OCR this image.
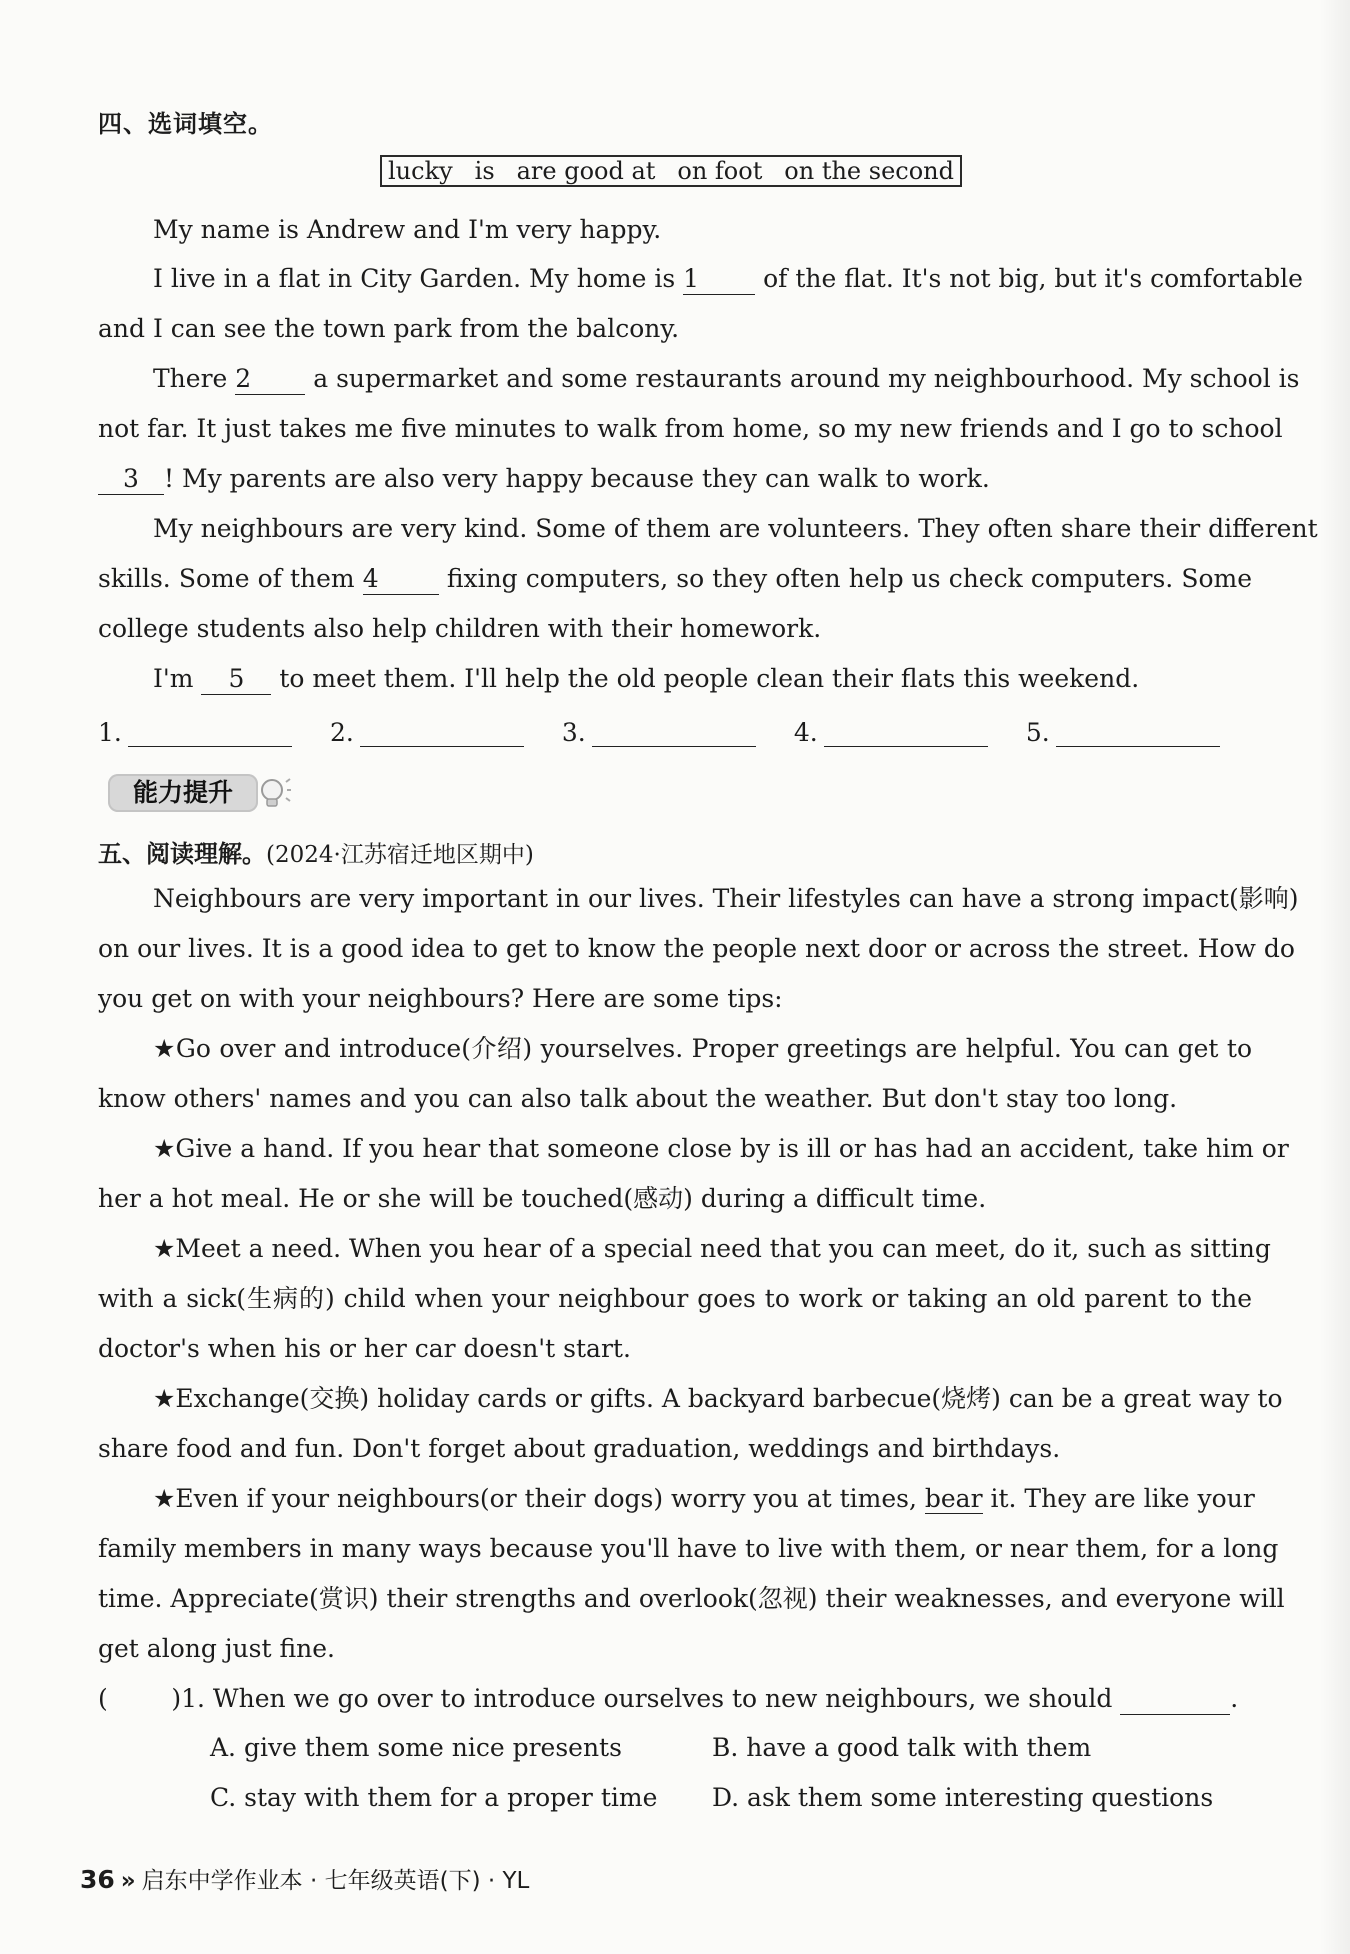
四、选词填空。
lucky is are good at on foot on the second
My name is Andrew and I'm very happy.
I live in a flat in City Garden. My home is 1	of the flat. It's not big, but it's comfortable
and I can see the town park from the balcony.
There 2 a supermarket and some restaurants around my neighbourhood. My school is
not far. It just takes me five minutes to walk from home, so my new friends and I go to school
3 ! My parents are also very happy because they can walk to work.
My neighbours are very kind. Some of them are volunteers. They often share their different
skills. Some of them 4	fixing computers, so they often help us check computers. Some
college students also help children with their homework.
I'm 5 to meet them. I'll help the old people clean their flats this weekend.
1.	2.	3.	4.	5.
能力提升
五、阅读理解。(2024·江苏宿迁地区期中)
Neighbours are very important in our lives. Their lifestyles can have a strong impact(影响)
on our lives. It is a good idea to get to know the people next door or across the street. How do
you get on with your neighbours? Here are some tips:
★Go over and introduce(介绍) yourselves. Proper greetings are helpful. You can get to
know others' names and you can also talk about the weather. But don't stay too long.
★Give a hand. If you hear that someone close by is ill or has had an accident, take him or
her a hot meal. He or she will be touched(感动) during a difficult time.
★Meet a need. When you hear of a special need that you can meet, do it, such as sitting
with a sick(生病的) child when your neighbour goes to work or taking an old parent to the
doctor's when his or her car doesn't start.
★Exchange(交换) holiday cards or gifts. A backyard barbecue(烧烤) can be a great way to
share food and fun. Don't forget about graduation, weddings and birthdays.
★Even if your neighbours(or their dogs) worry you at times, bear it. They are like your
family members in many ways because you'll have to live with them, or near them, for a long
time. Appreciate(赏识) their strengths and overlook(忽视) their weaknesses, and everyone will
get along just fine.
(        )1. When we go over to introduce ourselves to new neighbours, we should	.
A. give them some nice presents	B. have a good talk with them
C. stay with them for a proper time D. ask them some interesting questions
36 » 启东中学作业本 · 七年级英语(下) · YL
